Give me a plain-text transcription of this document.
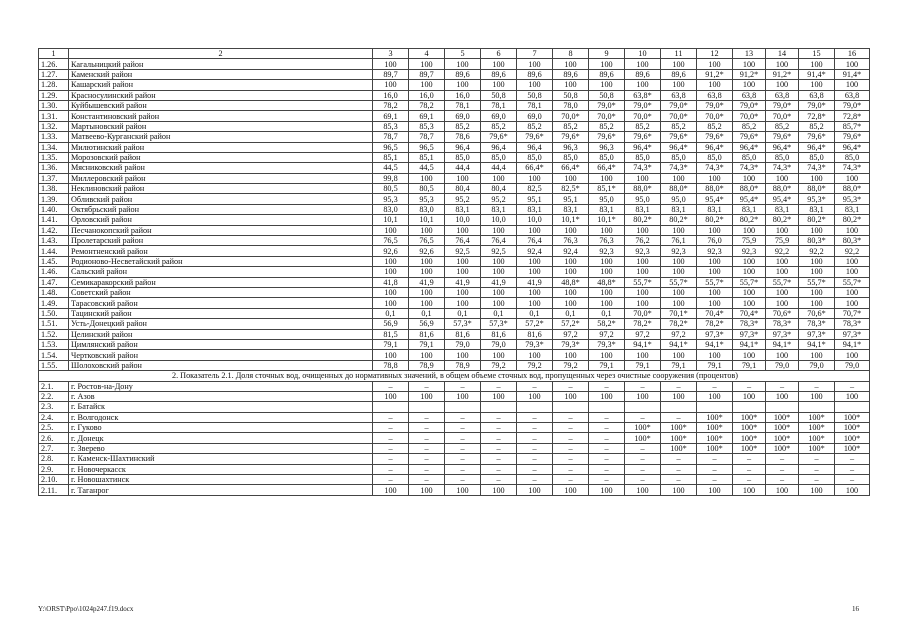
1	2	3	4	5	6	7	8	9	10	11	12	13	14	15	16
1.26.	Кагальницкий район	100	100	100	100	100	100	100	100	100	100	100	100	100	100
1.27.	Каменский район	89,7	89,7	89,6	89,6	89,6	89,6	89,6	89,6	89,6	91,2*	91,2*	91,2*	91,4*	91,4*
1.28.	Кашарский район	100	100	100	100	100	100	100	100	100	100	100	100	100	100
1.29.	Красносулинский район	16,0	16,0	16,0	50,8	50,8	50,8	50,8	63,8*	63,8	63,8	63,8	63,8	63,8	63,8
1.30.	Куйбышевский район	78,2	78,2	78,1	78,1	78,1	78,0	79,0*	79,0*	79,0*	79,0*	79,0*	79,0*	79,0*	79,0*
1.31.	Константиновский район	69,1	69,1	69,0	69,0	69,0	70,0*	70,0*	70,0*	70,0*	70,0*	70,0*	70,0*	72,8*	72,8*
1.32.	Мартыновский район	85,3	85,3	85,2	85,2	85,2	85,2	85,2	85,2	85,2	85,2	85,2	85,2	85,2	85,7*
1.33.	Матвеево-Курганский район	78,7	78,7	78,6	79,6*	79,6*	79,6*	79,6*	79,6*	79,6*	79,6*	79,6*	79,6*	79,6*	79,6*
1.34.	Милютинский район	96,5	96,5	96,4	96,4	96,4	96,3	96,3	96,4*	96,4*	96,4*	96,4*	96,4*	96,4*	96,4*
1.35.	Морозовский район	85,1	85,1	85,0	85,0	85,0	85,0	85,0	85,0	85,0	85,0	85,0	85,0	85,0	85,0
1.36.	Мясниковский район	44,5	44,5	44,4	44,4	66,4*	66,4*	66,4*	74,3*	74,3*	74,3*	74,3*	74,3*	74,3*	74,3*
1.37.	Миллеровский район	99,8	100	100	100	100	100	100	100	100	100	100	100	100	100
1.38.	Неклиновский район	80,5	80,5	80,4	80,4	82,5	82,5*	85,1*	88,0*	88,0*	88,0*	88,0*	88,0*	88,0*	88,0*
1.39.	Обливский район	95,3	95,3	95,2	95,2	95,1	95,1	95,0	95,0	95,0	95,4*	95,4*	95,4*	95,3*	95,3*
1.40.	Октябрьский район	83,0	83,0	83,1	83,1	83,1	83,1	83,1	83,1	83,1	83,1	83,1	83,1	83,1	83,1
1.41.	Орловский район	10,1	10,1	10,0	10,0	10,0	10,1*	10,1*	80,2*	80,2*	80,2*	80,2*	80,2*	80,2*	80,2*
1.42.	Песчанокопский район	100	100	100	100	100	100	100	100	100	100	100	100	100	100
1.43.	Пролетарский район	76,5	76,5	76,4	76,4	76,4	76,3	76,3	76,2	76,1	76,0	75,9	75,9	80,3*	80,3*
1.44.	Ремонтненский район	92,6	92,6	92,5	92,5	92,4	92,4	92,3	92,3	92,3	92,3	92,3	92,2	92,2	92,2
1.45.	Родионово-Несветайский район	100	100	100	100	100	100	100	100	100	100	100	100	100	100
1.46.	Сальский район	100	100	100	100	100	100	100	100	100	100	100	100	100	100
1.47.	Семикаракорский район	41,8	41,9	41,9	41,9	41,9	48,8*	48,8*	55,7*	55,7*	55,7*	55,7*	55,7*	55,7*	55,7*
1.48.	Советский район	100	100	100	100	100	100	100	100	100	100	100	100	100	100
1.49.	Тарасовский район	100	100	100	100	100	100	100	100	100	100	100	100	100	100
1.50.	Тацинский район	0,1	0,1	0,1	0,1	0,1	0,1	0,1	70,0*	70,1*	70,4*	70,4*	70,6*	70,6*	70,7*
1.51.	Усть-Донецкий район	56,9	56,9	57,3*	57,3*	57,2*	57,2*	58,2*	78,2*	78,2*	78,2*	78,3*	78,3*	78,3*	78,3*
1.52.	Целинский район	81,5	81,6	81,6	81,6	81,6	97,2	97,2	97,2	97,2	97,3*	97,3*	97,3*	97,3*	97,3*
1.53.	Цимлянский район	79,1	79,1	79,0	79,0	79,3*	79,3*	79,3*	94,1*	94,1*	94,1*	94,1*	94,1*	94,1*	94,1*
1.54.	Чертковский район	100	100	100	100	100	100	100	100	100	100	100	100	100	100
1.55.	Шолоховский район	78,8	78,9	78,9	79,2	79,2	79,2	79,1	79,1	79,1	79,1	79,1	79,0	79,0	79,0
2. Показатель 2.1. Доля сточных вод, очищенных до нормативных значений, в общем объеме сточных вод, пропущенных через очистные сооружения (процентов)															
2.1.	г. Ростов-на-Дону	–	–	–	–	–	–	–	–	–	–	–	–	–	–
2.2.	г. Азов	100	100	100	100	100	100	100	100	100	100	100	100	100	100
2.3.	г. Батайск														
2.4.	г. Волгодонск	–	–	–	–	–	–	–	–	–	100*	100*	100*	100*	100*
2.5.	г. Гуково	–	–	–	–	–	–	–	100*	100*	100*	100*	100*	100*	100*
2.6.	г. Донецк	–	–	–	–	–	–	–	100*	100*	100*	100*	100*	100*	100*
2.7.	г. Зверево	–	–	–	–	–	–	–	–	100*	100*	100*	100*	100*	100*
2.8.	г. Каменск-Шахтинский	–	–	–	–	–	–	–	–	–	–	–	–	–	–
2.9.	г. Новочеркасск	–	–	–	–	–	–	–	–	–	–	–	–	–	–
2.10.	г. Новошахтинск	–	–	–	–	–	–	–	–	–	–	–	–	–	–
2.11.	г. Таганрог	100	100	100	100	100	100	100	100	100	100	100	100	100	100
Y:\ORST\Ppo\1024p247.f19.docx	16
